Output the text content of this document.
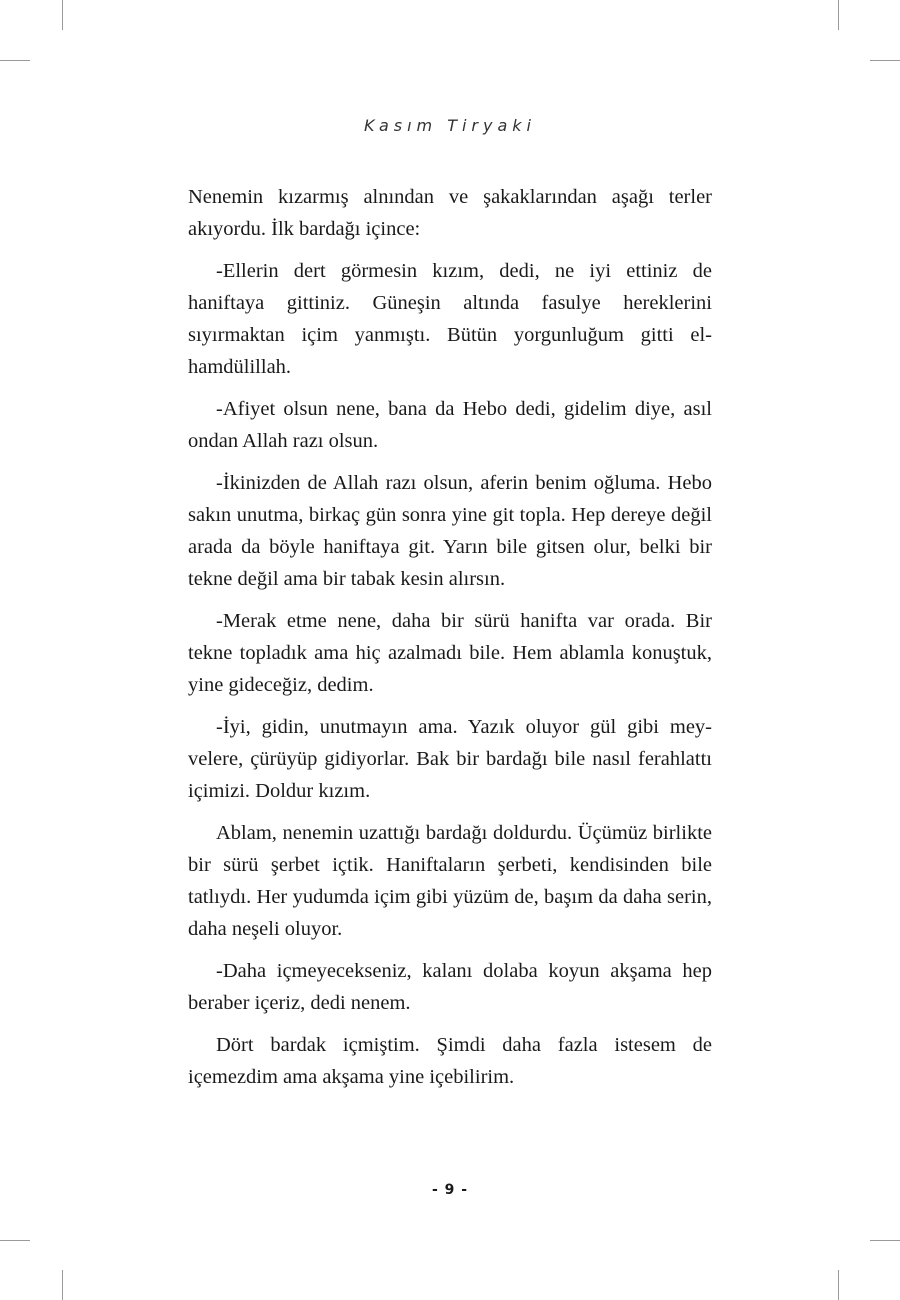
Kasım Tiryaki

Nenemin kızarmış alnından ve şakaklarından aşağı terler akıyordu. İlk bardağı içince:

-Ellerin dert görmesin kızım, dedi, ne iyi ettiniz de haniftaya gittiniz. Güneşin altında fasulye hereklerini sıyırmaktan içim yanmıştı. Bütün yorgunluğum gitti elhamdülillah.

-Afiyet olsun nene, bana da Hebo dedi, gidelim diye, asıl ondan Allah razı olsun.

-İkinizden de Allah razı olsun, aferin benim oğluma. Hebo sakın unutma, birkaç gün sonra yine git topla. Hep dereye değil arada da böyle haniftaya git. Yarın bile gitsen olur, belki bir tekne değil ama bir tabak kesin alırsın.

-Merak etme nene, daha bir sürü hanifta var orada. Bir tekne topladık ama hiç azalmadı bile. Hem ablamla konuştuk, yine gideceğiz, dedim.

-İyi, gidin, unutmayın ama. Yazık oluyor gül gibi meyvelere, çürüyüp gidiyorlar. Bak bir bardağı bile nasıl ferahlattı içimizi. Doldur kızım.

Ablam, nenemin uzattığı bardağı doldurdu. Üçümüz birlikte bir sürü şerbet içtik. Haniftaların şerbeti, kendisinden bile tatlıydı. Her yudumda içim gibi yüzüm de, başım da daha serin, daha neşeli oluyor.

-Daha içmeyecekseniz, kalanı dolaba koyun akşama hep beraber içeriz, dedi nenem.

Dört bardak içmiştim. Şimdi daha fazla istesem de içemezdim ama akşama yine içebilirim.

- 9 -
